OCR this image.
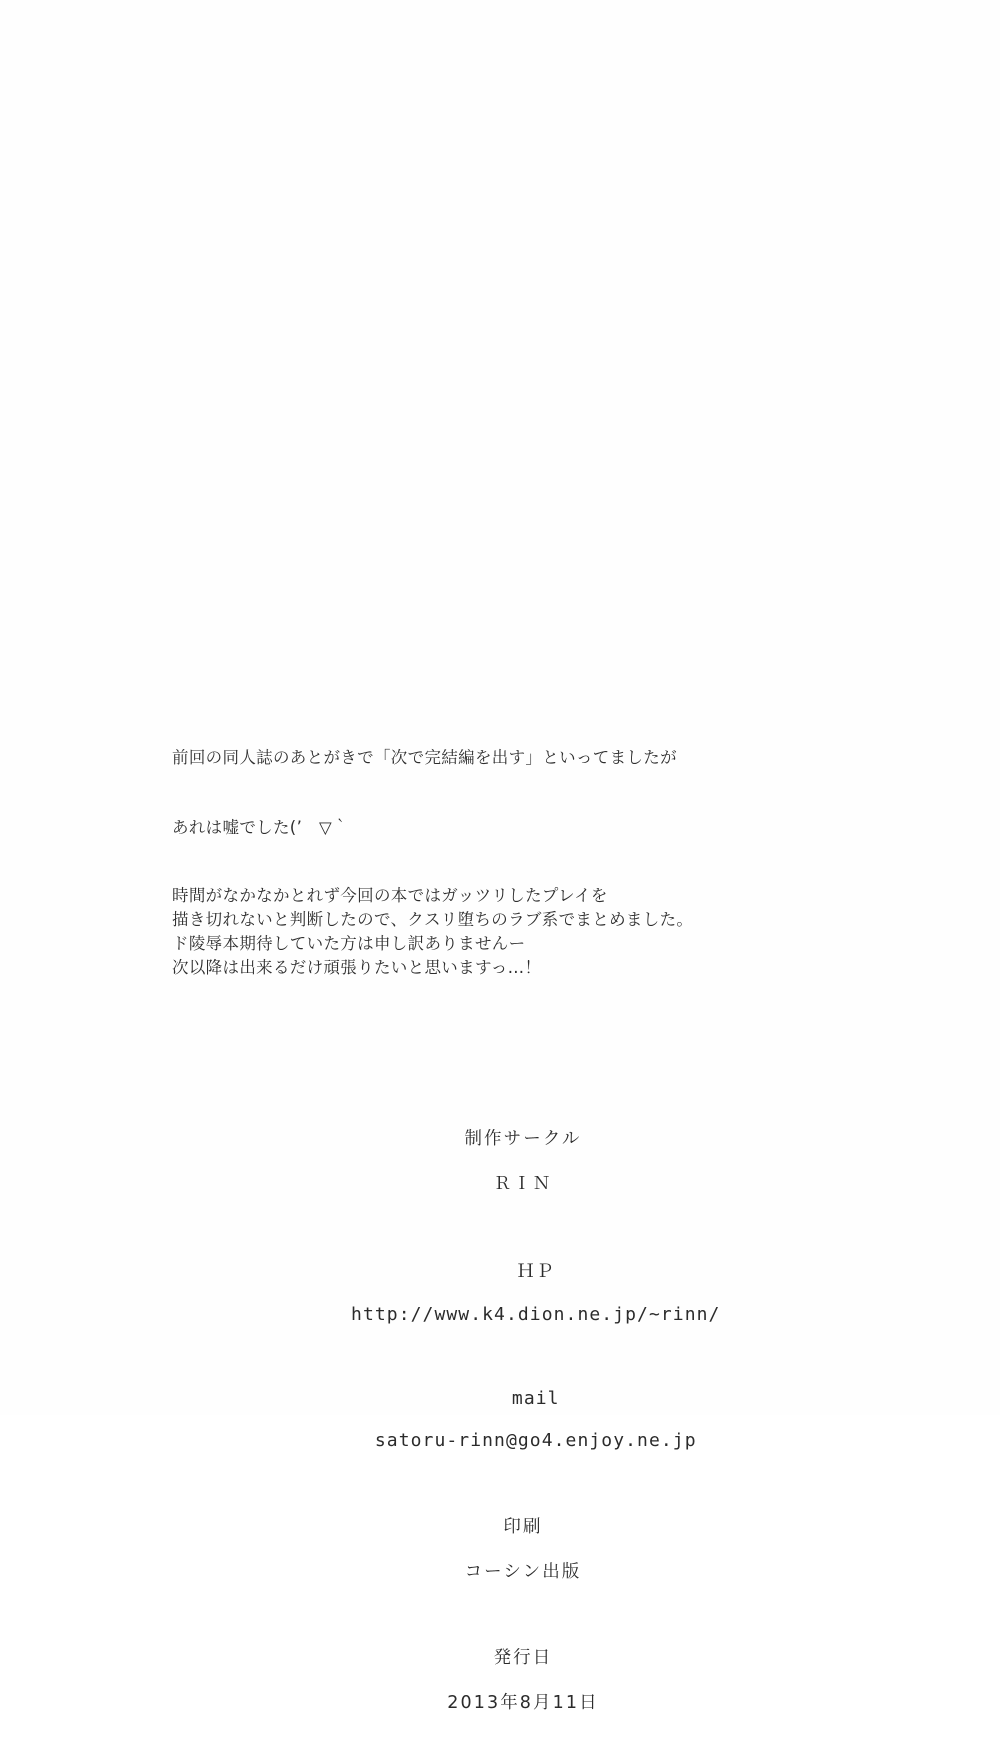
前回の同人誌のあとがきで「次で完結編を出す」といってましたが
あれは嘘でした(’　▽｀
時間がなかなかとれず今回の本ではガッツリしたプレイを
描き切れないと判断したので、クスリ堕ちのラブ系でまとめました。
ド陵辱本期待していた方は申し訳ありませんー
次以降は出来るだけ頑張りたいと思いますっ…！

制作サークル

ＲＩＮ

ＨＰ

http://www.k4.dion.ne.jp/~rinn/

mail

satoru-rinn@go4.enjoy.ne.jp

印刷

コーシン出版

発行日

2013年8月11日
